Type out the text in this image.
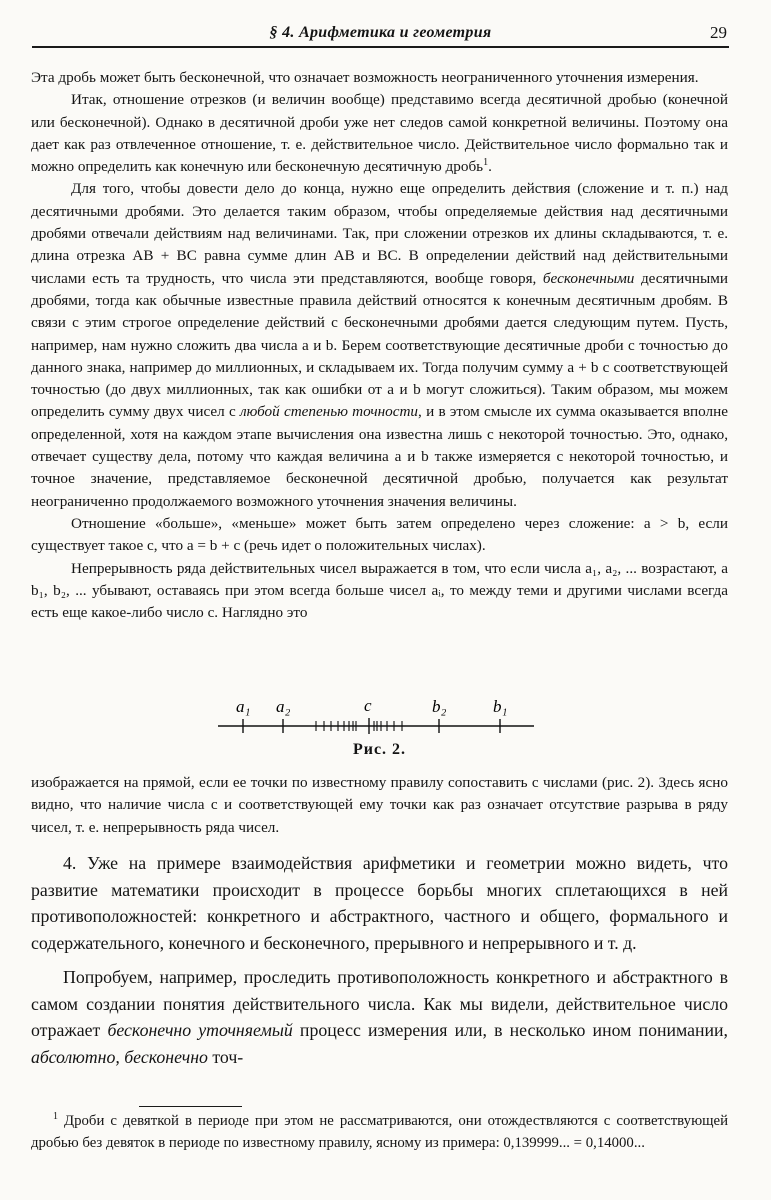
§ 4. Арифметика и геометрия	29

Эта дробь может быть бесконечной, что означает возможность неограниченного уточнения измерения.

Итак, отношение отрезков (и величин вообще) представимо всегда десятичной дробью (конечной или бесконечной). Однако в десятичной дроби уже нет следов самой конкретной величины. Поэтому она дает как раз отвлеченное отношение, т. е. действительное число. Действительное число формально так и можно определить как конечную или бесконечную десятичную дробь$^1$.

Для того, чтобы довести дело до конца, нужно еще определить действия (сложение и т. п.) над десятичными дробями. Это делается таким образом, чтобы определяемые действия над десятичными дробями отвечали действиям над величинами. Так, при сложении отрезков их длины складываются, т. е. длина отрезка AB + BC равна сумме длин AB и BC. В определении действий над действительными числами есть та трудность, что числа эти представляются, вообще говоря, бесконечными десятичными дробями, тогда как обычные известные правила действий относятся к конечным десятичным дробям. В связи с этим строгое определение действий с бесконечными дробями дается следующим путем. Пусть, например, нам нужно сложить два числа a и b. Берем соответствующие десятичные дроби с точностью до данного знака, например до миллионных, и складываем их. Тогда получим сумму a + b с соответствующей точностью (до двух миллионных, так как ошибки от a и b могут сложиться). Таким образом, мы можем определить сумму двух чисел с любой степенью точности, и в этом смысле их сумма оказывается вполне определенной, хотя на каждом этапе вычисления она известна лишь с некоторой точностью. Это, однако, отвечает существу дела, потому что каждая величина a и b также измеряется с некоторой точностью, и точное значение, представляемое бесконечной десятичной дробью, получается как результат неограниченно продолжаемого возможного уточнения значения величины.

Отношение «больше», «меньше» может быть затем определено через сложение: a > b, если существует такое c, что a = b + c (речь идет о положительных числах).

Непрерывность ряда действительных чисел выражается в том, что если числа a₁, a₂, ... возрастают, а b₁, b₂, ... убывают, оставаясь при этом всегда больше чисел aᵢ, то между теми и другими числами всегда есть еще какое-либо число c. Наглядно это

a₁ a₂	c	b₂	b₁
Рис. 2.

изображается на прямой, если ее точки по известному правилу сопоставить с числами (рис. 2). Здесь ясно видно, что наличие числа c и соответствующей ему точки как раз означает отсутствие разрыва в ряду чисел, т. е. непрерывность ряда чисел.

4. Уже на примере взаимодействия арифметики и геометрии можно видеть, что развитие математики происходит в процессе борьбы многих сплетающихся в ней противоположностей: конкретного и абстрактного, частного и общего, формального и содержательного, конечного и бесконечного, прерывного и непрерывного и т. д.

Попробуем, например, проследить противоположность конкретного и абстрактного в самом создании понятия действительного числа. Как мы видели, действительное число отражает бесконечно уточняемый процесс измерения или, в несколько ином понимании, абсолютно, бесконечно точ-

$^1$ Дроби с девяткой в периоде при этом не рассматриваются, они отождествляются с соответствующей дробью без девяток в периоде по известному правилу, ясному из примера: 0,139999... = 0,14000...
